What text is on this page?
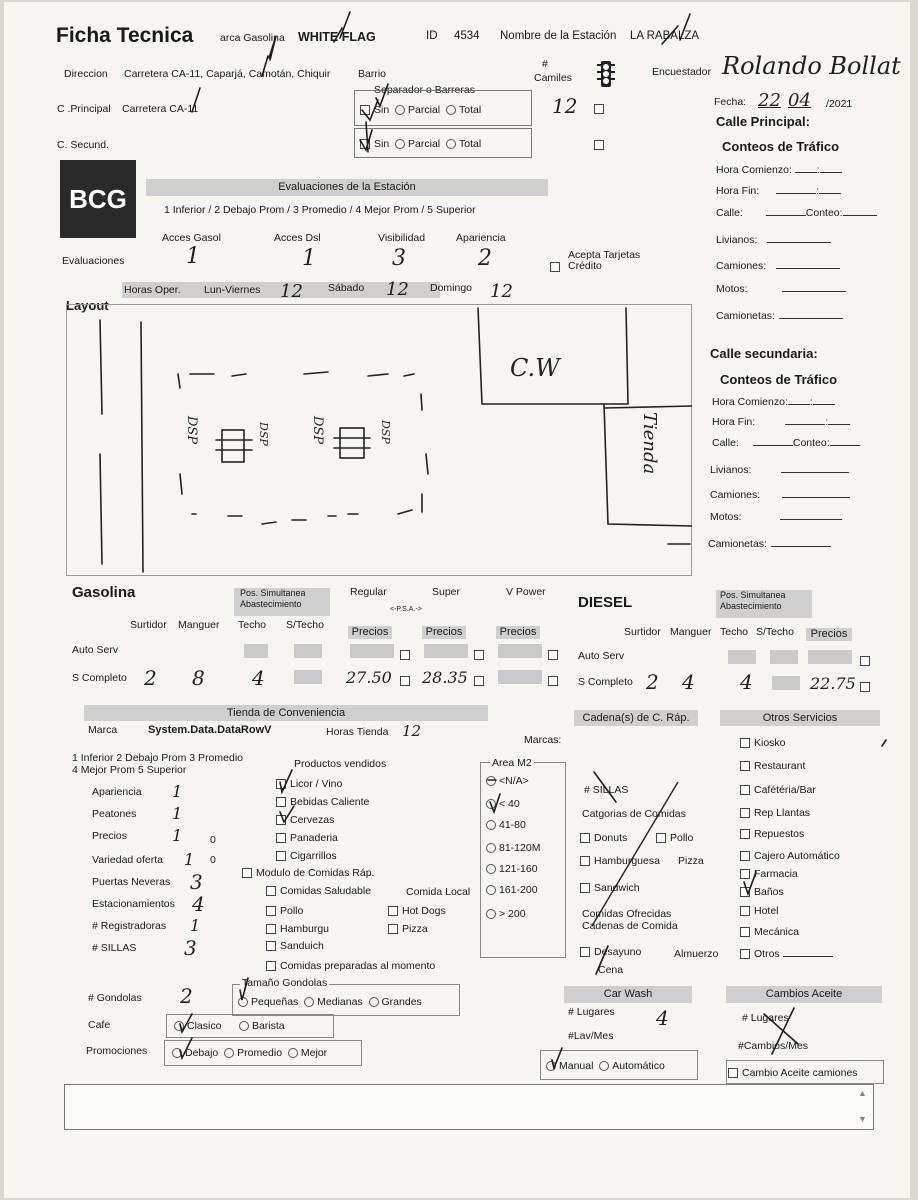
Ficha Tecnica	arca Gasolina WHITE FLAG	ID 4534 Nombre de la Estación LA RABALZA
Direccion Carretera CA-11, Caparjá, Camotán, Chiquir	Barrio
C .Principal Carretera CA-11
C. Secund.
Separador o Barreras
Sin Parcial Total
Sin Parcial Total
#
Camiles
12
Encuestador Rolando Bollat
Fecha: 22 04 /2021
Calle Principal:
Conteos de Tráfico
Hora Comienzo: :
Hora Fin:	:
Calle:	Conteo:
Livianos:
Camiones:
Motos:
Camionetas:
BCG	Evaluaciones de la Estación
1 Inferior / 2 Debajo Prom / 3 Promedio / 4 Mejor Prom / 5 Superior
Acces Gasol	Acces Dsl	Visibilidad	Apariencia
Evaluaciones	1	1	3	2	Acepta Tarjetas
Crédito
Horas Oper. Lun-Viernes 12 Sábado 12 Domingo 12
Calle secundaria:
Conteos de Tráfico
Hora Comienzo: :
Hora Fin:	:
Calle:	Conteo:
Livianos:
Camiones:
Motos:
Camionetas:
Layout
C.W
Tienda
DSP	DSP
DSP	DSP
Gasolina	Pos. Simultanea
Abastecimiento
Regular	Super	V Power
<-P.S.A.->
Surtidor Manguer Techo S/Techo
Precios	Precios	Precios
Auto Serv
S Completo 2 8 4	27.50 28.35
DIESEL	Pos. Simultanea
Abastecimiento
Surtidor Manguer Techo S/Techo	Precios
Auto Serv
S Completo 2 4 4	22.75
Tienda de Conveniencia
Marca	System.Data.DataRowV	Horas Tienda 12	Marcas:
1 Inferior 2 Debajo Prom 3 Promedio
4 Mejor Prom 5 Superior
Apariencia 1
Peatones 1
Precios	1	0
Variedad oferta 1 0
Puertas Neveras 3
Estacionamientos 4
# Registradoras 1
# SILLAS 3
Productos vendidos
Licor / Vino
Bebidas Caliente
Cervezas
Panaderia
Cigarrillos
Modulo de Comidas Ráp.
Comidas Saludable	Comida Local
Pollo	Hot Dogs
Hamburgu	Pizza
Sanduich
Comidas preparadas al momento
Area M2
<N/A>
< 40
41-80
81-120M
121-160
161-200
> 200
Cadena(s) de C. Ráp.
# SILLAS
Catgorias de Comidas
Donuts	Pollo
Hamburguesa Pizza
Sandwich
Comidas Ofrecidas
Cadenas de Comida
Desayuno	Almuerzo
Cena
Otros Servicios
Kiosko
Restaurant
Cafétéria/Bar
Rep Llantas
Repuestos
Cajero Automático
Farmacia
Baños
Hotel
Mecánica
Otros
# Gondolas 2
Tamaño Gondolas
Pequeñas Medianas Grandes
Cafe	Clasico	Barista
Promociones	Debajo Promedio Mejor
Car Wash
# Lugares 4
#Lav/Mes
Manual Automático
Cambios Aceite
# Lugares
#Cambios/Mes
Cambio Aceite camiones
▲
▼
